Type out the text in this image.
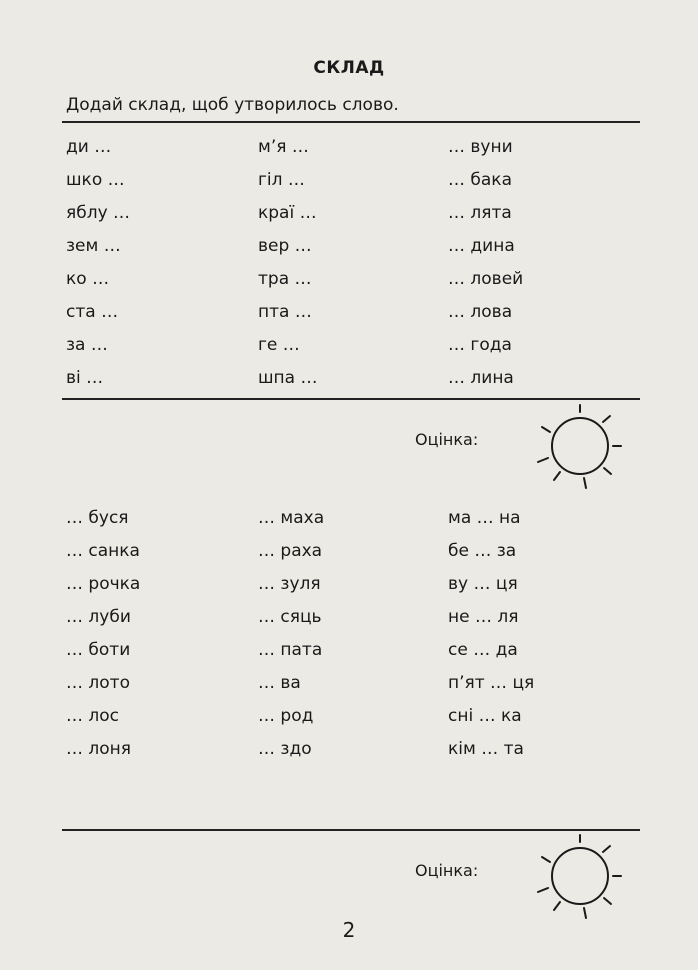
СКЛАД
Додай склад, щоб утворилось слово.
ди …	м’я …	… вуни
шко …	гіл …	… бака
яблу …	краї …	… лята
зем …	вер …	… дина
ко …	тра …	… ловей
ста …	пта …	… лова
за …	ге …	… года
ві …	шпа …	… лина
Оцінка:
… буся	… маха	ма … на
… санка	… раха	бе … за
… рочка	… зуля	ву … ця
… луби	… сяць	не … ля
… боти	… пата	се … да
… лото	… ва	п’ят … ця
… лос	… род	сні … ка
… лоня	… здо	кім … та
Оцінка:
2
